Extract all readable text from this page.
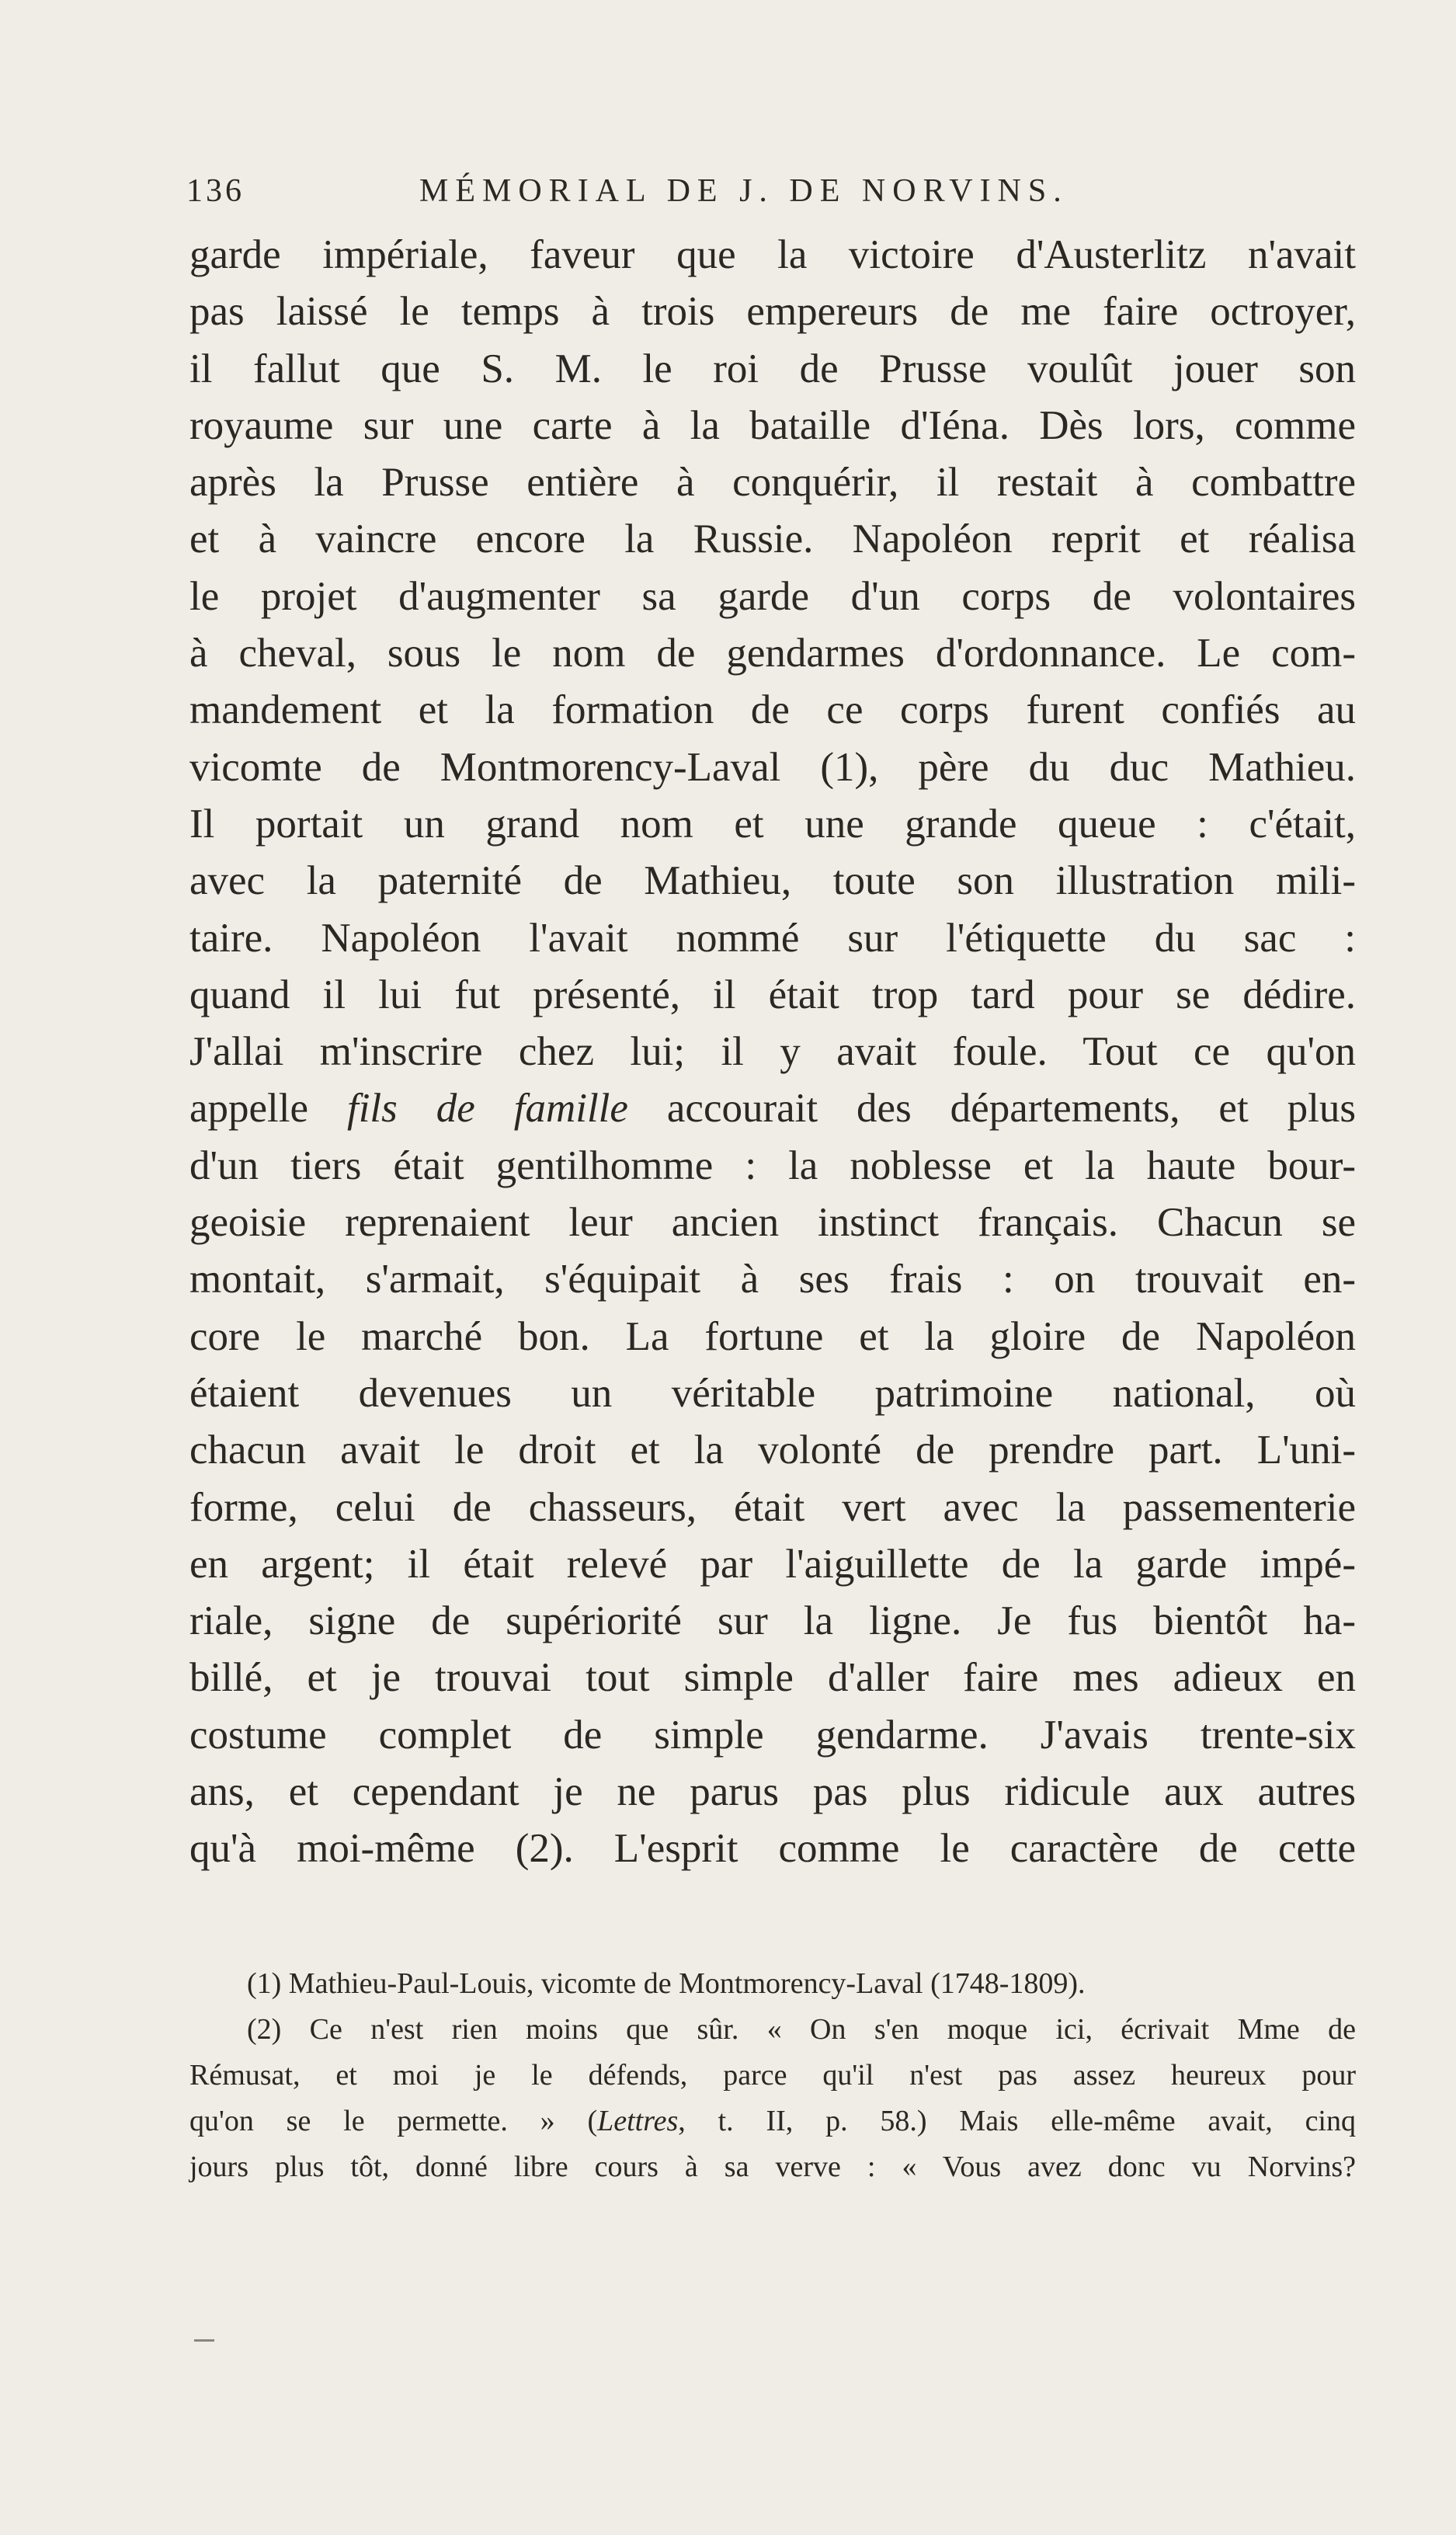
136	MÉMORIAL DE J. DE NORVINS.
garde impériale, faveur que la victoire d'Austerlitz n'avait
pas laissé le temps à trois empereurs de me faire octroyer,
il fallut que S. M. le roi de Prusse voulût jouer son
royaume sur une carte à la bataille d'Iéna. Dès lors, comme
après la Prusse entière à conquérir, il restait à combattre
et à vaincre encore la Russie. Napoléon reprit et réalisa
le projet d'augmenter sa garde d'un corps de volontaires
à cheval, sous le nom de gendarmes d'ordonnance. Le com-
mandement et la formation de ce corps furent confiés au
vicomte de Montmorency-Laval (1), père du duc Mathieu.
Il portait un grand nom et une grande queue : c'était,
avec la paternité de Mathieu, toute son illustration mili-
taire. Napoléon l'avait nommé sur l'étiquette du sac :
quand il lui fut présenté, il était trop tard pour se dédire.
J'allai m'inscrire chez lui; il y avait foule. Tout ce qu'on
appelle fils de famille accourait des départements, et plus
d'un tiers était gentilhomme : la noblesse et la haute bour-
geoisie reprenaient leur ancien instinct français. Chacun se
montait, s'armait, s'équipait à ses frais : on trouvait en-
core le marché bon. La fortune et la gloire de Napoléon
étaient devenues un véritable patrimoine national, où
chacun avait le droit et la volonté de prendre part. L'uni-
forme, celui de chasseurs, était vert avec la passementerie
en argent; il était relevé par l'aiguillette de la garde impé-
riale, signe de supériorité sur la ligne. Je fus bientôt ha-
billé, et je trouvai tout simple d'aller faire mes adieux en
costume complet de simple gendarme. J'avais trente-six
ans, et cependant je ne parus pas plus ridicule aux autres
qu'à moi-même (2). L'esprit comme le caractère de cette
(1) Mathieu-Paul-Louis, vicomte de Montmorency-Laval (1748-1809).
(2) Ce n'est rien moins que sûr. « On s'en moque ici, écrivait Mme de
Rémusat, et moi je le défends, parce qu'il n'est pas assez heureux pour
qu'on se le permette. » (Lettres, t. II, p. 58.) Mais elle-même avait, cinq
jours plus tôt, donné libre cours à sa verve : « Vous avez donc vu Norvins?
